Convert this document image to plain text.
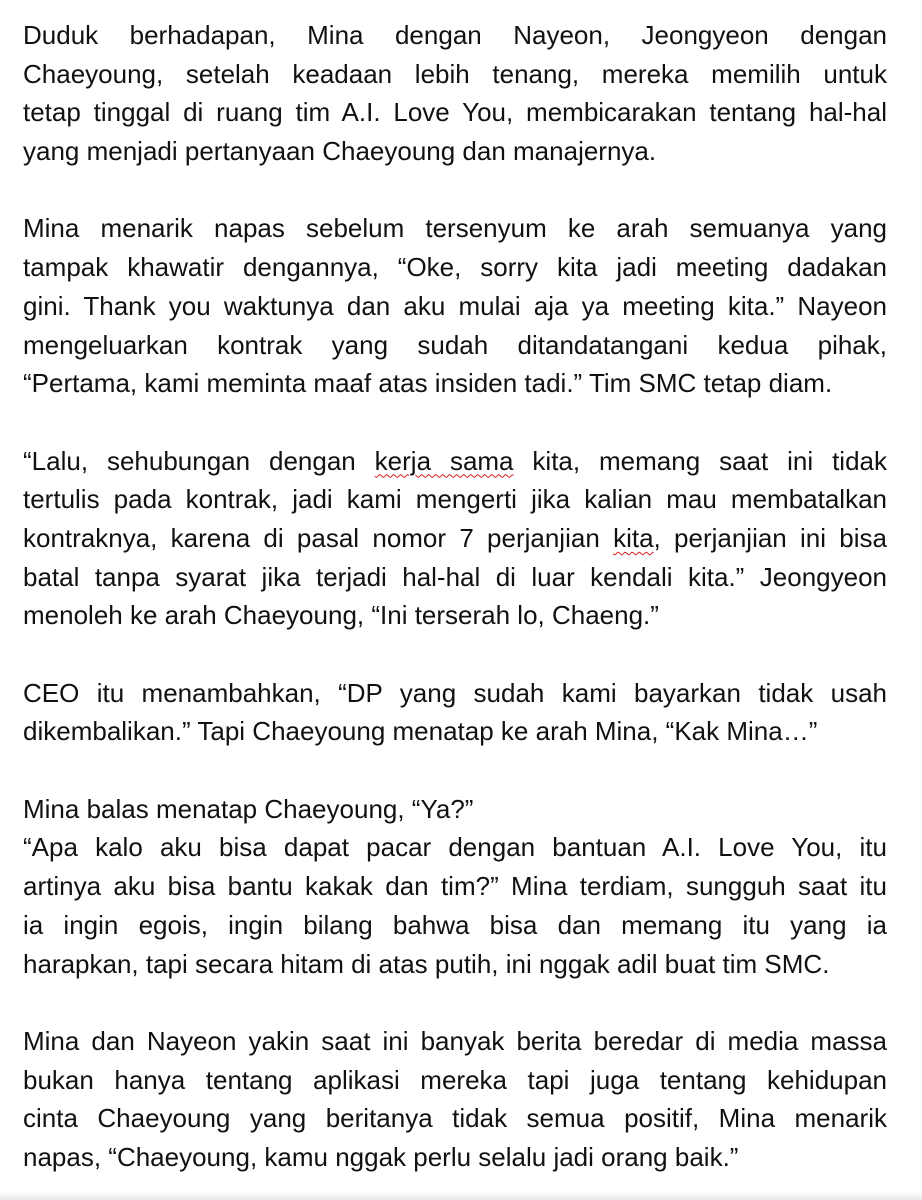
Duduk berhadapan, Mina dengan Nayeon, Jeongyeon dengan
Chaeyoung, setelah keadaan lebih tenang, mereka memilih untuk
tetap tinggal di ruang tim A.I. Love You, membicarakan tentang hal-hal
yang menjadi pertanyaan Chaeyoung dan manajernya.
Mina menarik napas sebelum tersenyum ke arah semuanya yang
tampak khawatir dengannya, “Oke, sorry kita jadi meeting dadakan
gini. Thank you waktunya dan aku mulai aja ya meeting kita.” Nayeon
mengeluarkan kontrak yang sudah ditandatangani kedua pihak,
“Pertama, kami meminta maaf atas insiden tadi.” Tim SMC tetap diam.
“Lalu, sehubungan dengan kerja sama kita, memang saat ini tidak
tertulis pada kontrak, jadi kami mengerti jika kalian mau membatalkan
kontraknya, karena di pasal nomor 7 perjanjian kita, perjanjian ini bisa
batal tanpa syarat jika terjadi hal-hal di luar kendali kita.” Jeongyeon
menoleh ke arah Chaeyoung, “Ini terserah lo, Chaeng.”
CEO itu menambahkan, “DP yang sudah kami bayarkan tidak usah
dikembalikan.” Tapi Chaeyoung menatap ke arah Mina, “Kak Mina…”
Mina balas menatap Chaeyoung, “Ya?”
“Apa kalo aku bisa dapat pacar dengan bantuan A.I. Love You, itu
artinya aku bisa bantu kakak dan tim?” Mina terdiam, sungguh saat itu
ia ingin egois, ingin bilang bahwa bisa dan memang itu yang ia
harapkan, tapi secara hitam di atas putih, ini nggak adil buat tim SMC.
Mina dan Nayeon yakin saat ini banyak berita beredar di media massa
bukan hanya tentang aplikasi mereka tapi juga tentang kehidupan
cinta Chaeyoung yang beritanya tidak semua positif, Mina menarik
napas, “Chaeyoung, kamu nggak perlu selalu jadi orang baik.”
